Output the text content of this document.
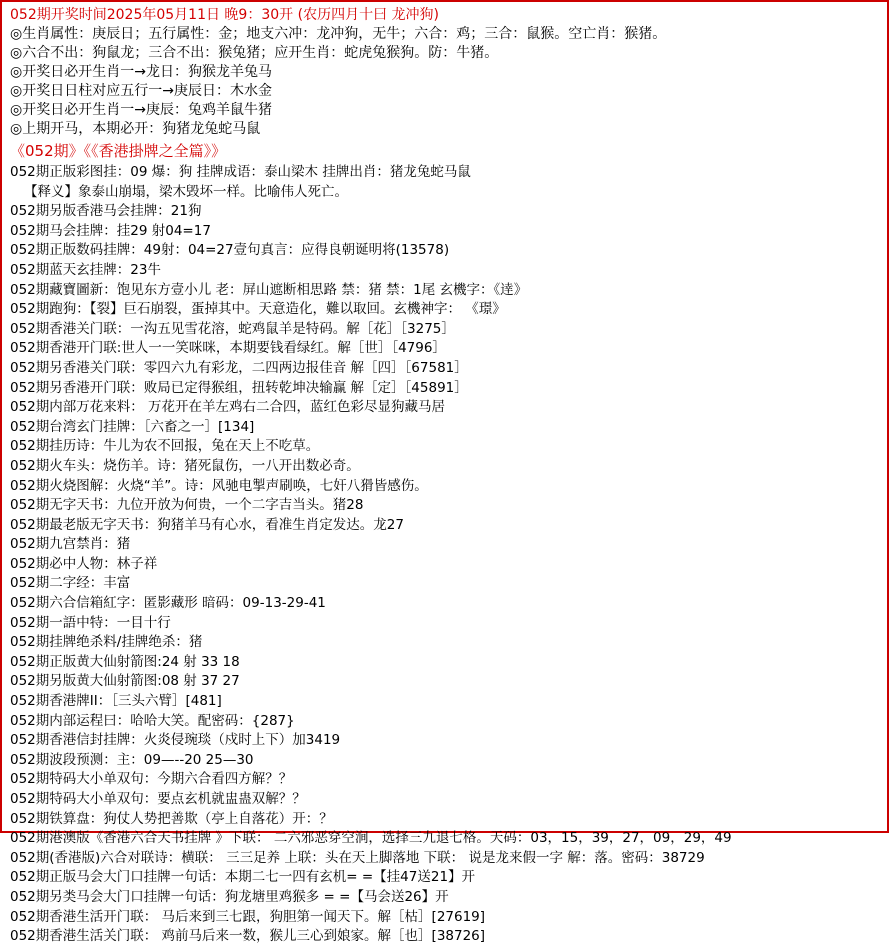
052期开奖时间2025年05月11日 晚9：30开 (农历四月十曰 龙冲狗)
◎生肖属性：庚辰日；五行属性：金；地支六冲：龙冲狗，无牛；六合：鸡；三合：鼠猴。空亡肖：猴猪。
◎六合不出：狗鼠龙；三合不出：猴兔猪；应开生肖：蛇虎兔猴狗。防：牛猪。
◎开奖日必开生肖一→龙日：狗猴龙羊兔马
◎开奖日日柱对应五行一→庚辰日：木水金
◎开奖日必开生肖一→庚辰：兔鸡羊鼠牛猪
◎上期开马，本期必开：狗猪龙兔蛇马鼠
《052期》《《香港掛牌之全篇》》
052期正版彩图挂：09 爆：狗 挂牌成语：泰山梁木 挂牌出肖：猪龙兔蛇马鼠
【释义】象泰山崩塌，梁木毁坏一样。比喻伟人死亡。
052期另版香港马会挂牌：21狗
052期马会挂牌：挂29 射04=17
052期正版数码挂牌：49射：04=27壹句真言：应得良朝诞明将(13578)
052期蓝天玄挂牌：23牛
052期藏寶圖新：饱见东方壹小儿 老：屏山遮断相思路 禁：猪 禁：1尾 玄機字：《逹》
052期跑狗：【裂】巨石崩裂，蛋掉其中。天意造化，難以取回。玄機神字： 《璟》
052期香港关门联：一沟五见雪花溶，蛇鸡鼠羊是特码。解［花］［3275］
052期香港开门联:世人一一笑咪咪，本期要钱看绿红。解［世］［4796］
052期另香港关门联：零四六九有彩龙，二四两边报佳音 解［四］［67581］
052期另香港开门联：败局已定得猴组，扭转乾坤决输赢 解［定］［45891］
052期内部万花来料： 万花开在羊左鸡右二合四，蓝红色彩尽显狗藏马居
052期台湾玄门挂牌：［六畜之一］[134]
052期挂历诗：牛儿为农不回报，兔在天上不吃草。
052期火车头：烧伤羊。诗：猪死鼠伤，一八开出数必奇。
052期火烧图解：火烧“羊”。诗：风驰电掣声刷唤，七奸八猾皆感伤。
052期无字天书：九位开放为何贵，一个二字吉当头。猪28
052期最老版无字天书：狗猪羊马有心水，看准生肖定发达。龙27
052期九宫禁肖：猪
052期必中人物：林子祥
052期二字经：丰富
052期六合信箱紅字：匿影藏形 暗码：09-13-29-41
052期一語中特：一目十行
052期挂牌绝杀料/挂牌绝杀：猪
052期正版黄大仙射箭图:24 射 33 18
052期另版黄大仙射箭图:08 射 37 27
052期香港牌II：［三头六臂］[481]
052期内部运程曰：哈哈大笑。配密码：{287}
052期香港信封挂牌：火炎侵琬琰（戍时上下）加3419
052期波段预测：主：09—--20 25—30
052期特码大小单双句：今期六合看四方解？？
052期特码大小单双句：要点玄机就盅蛊双解？？
052期铁算盘：狗仗人势把善欺（亭上自落花）开：？
052期港澳版《香港六合天书挂牌 》下联： 二六邪恶穿空涧，选择三九退七格。天码：03，15，39，27，09，29，49
052期(香港版)六合对联诗：横联： 三三足养 上联：头在天上脚落地 下联： 说是龙来假一字 解：落。密码：38729
052期正版马会大门口挂牌一句话：本期二七一四有玄机= =【挂47送21】开
052期另类马会大门口挂牌一句话：狗龙塘里鸡猴多 = =【马会送26】开
052期香港生活开门联： 马后来到三七跟，狗胆第一闻天下。解［枯］[27619]
052期香港生活关门联： 鸡前马后来一数，猴儿三心到娘家。解［也］[38726]
